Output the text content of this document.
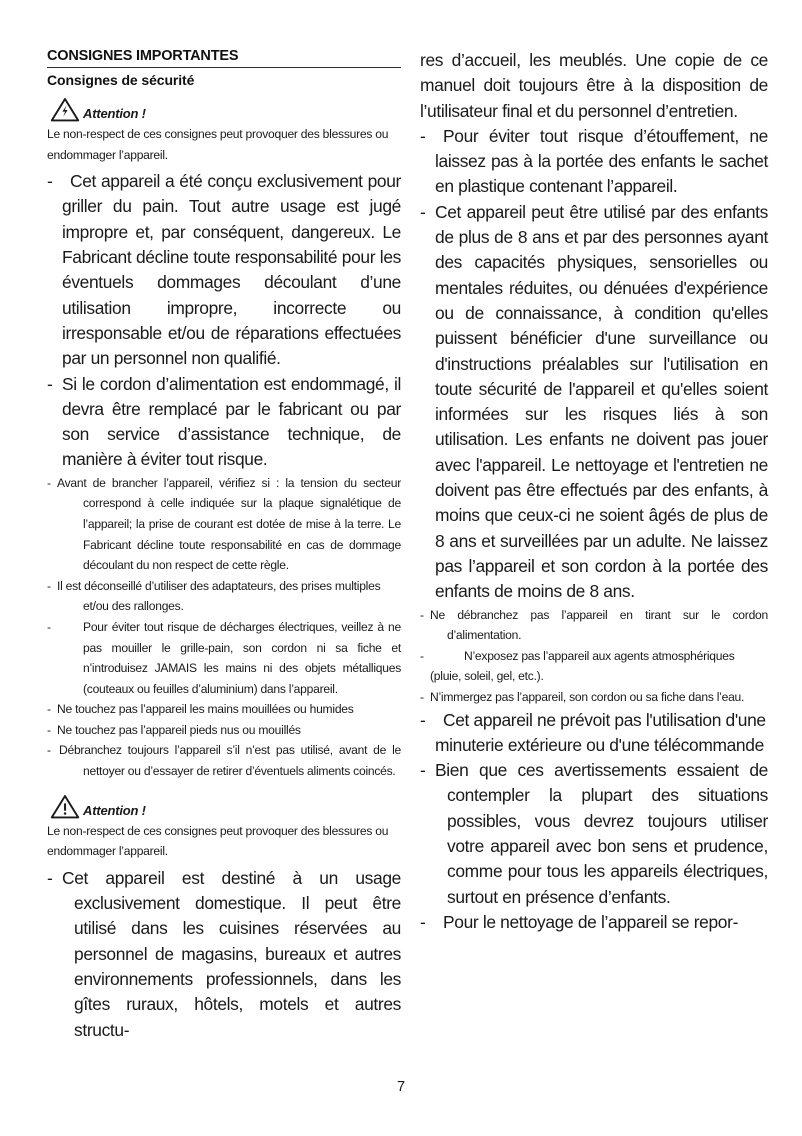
CONSIGNES IMPORTANTES
Consignes de sécurité
Attention !

Le non-respect de ces consignes peut provoquer des blessures ou endommager l’appareil.

- Cet appareil a été conçu exclusivement pour griller du pain. Tout autre usage est jugé impropre et, par conséquent, dangereux. Le Fabricant décline toute responsabilité pour les éventuels dommages découlant d’une utilisation impropre, incorrecte ou irresponsable et/ou de réparations effectuées par un personnel non qualifié.
- Si le cordon d’alimentation est endommagé, il devra être remplacé par le fabricant ou par son service d’assistance technique, de manière à éviter tout risque.
- Avant de brancher l’appareil, vérifiez si : la tension du secteur correspond à celle indiquée sur la plaque signalétique de l’appareil; la prise de courant est dotée de mise à la terre. Le Fabricant décline toute responsabilité en cas de dommage découlant du non respect de cette règle.
- Il est déconseillé d’utiliser des adaptateurs, des prises multiples et/ou des rallonges.
-	Pour éviter tout risque de décharges électriques, veillez à ne pas mouiller le grille-pain, son cordon ni sa fiche et n’introduisez JAMAIS les mains ni des objets métalliques (couteaux ou feuilles d’aluminium) dans l’appareil.
- Ne touchez pas l’appareil les mains mouillées ou humides
- Ne touchez pas l’appareil pieds nus ou mouillés
- Débranchez toujours l’appareil s’il n’est pas utilisé, avant de le nettoyer ou d’essayer de retirer d’éventuels aliments coincés.
Attention !

Le non-respect de ces consignes peut provoquer des blessures ou endommager l’appareil.

- Cet appareil est destiné à un usage exclusivement domestique. Il peut être utilisé dans les cuisines réservées au personnel de magasins, bureaux et autres environnements professionnels, dans les gîtes ruraux, hôtels, motels et autres structu-

res d’accueil, les meublés. Une copie de ce manuel doit toujours être à la disposition de l’utilisateur final et du personnel d’entretien.

- Pour éviter tout risque d’étouffement, ne laissez pas à la portée des enfants le sachet en plastique contenant l’appareil.
- Cet appareil peut être utilisé par des enfants de plus de 8 ans et par des personnes ayant des capacités physiques, sensorielles ou mentales réduites, ou dénuées d'expérience ou de connaissance, à condition qu'elles puissent bénéficier d'une surveillance ou d'instructions préalables sur l'utilisation en toute sécurité de l'appareil et qu'elles soient informées sur les risques liés à son utilisation. Les enfants ne doivent pas jouer avec l'appareil. Le nettoyage et l'entretien ne doivent pas être effectués par des enfants, à moins que ceux-ci ne soient âgés de plus de 8 ans et surveillées par un adulte. Ne laissez pas l’appareil et son cordon à la portée des enfants de moins de 8 ans.
- Ne débranchez pas l’appareil en tirant sur le cordon d’alimentation.
-	N’exposez pas l’appareil aux agents atmosphériques (pluie, soleil, gel, etc.).
- N’immergez pas l’appareil, son cordon ou sa fiche dans l’eau.
- Cet appareil ne prévoit pas l'utilisation d'une minuterie extérieure ou d'une télécommande
- Bien que ces avertissements essaient de contempler la plupart des situations possibles, vous devrez toujours utiliser votre appareil avec bon sens et prudence, comme pour tous les appareils électriques, surtout en présence d’enfants.
- Pour le nettoyage de l’appareil se repor-
7
